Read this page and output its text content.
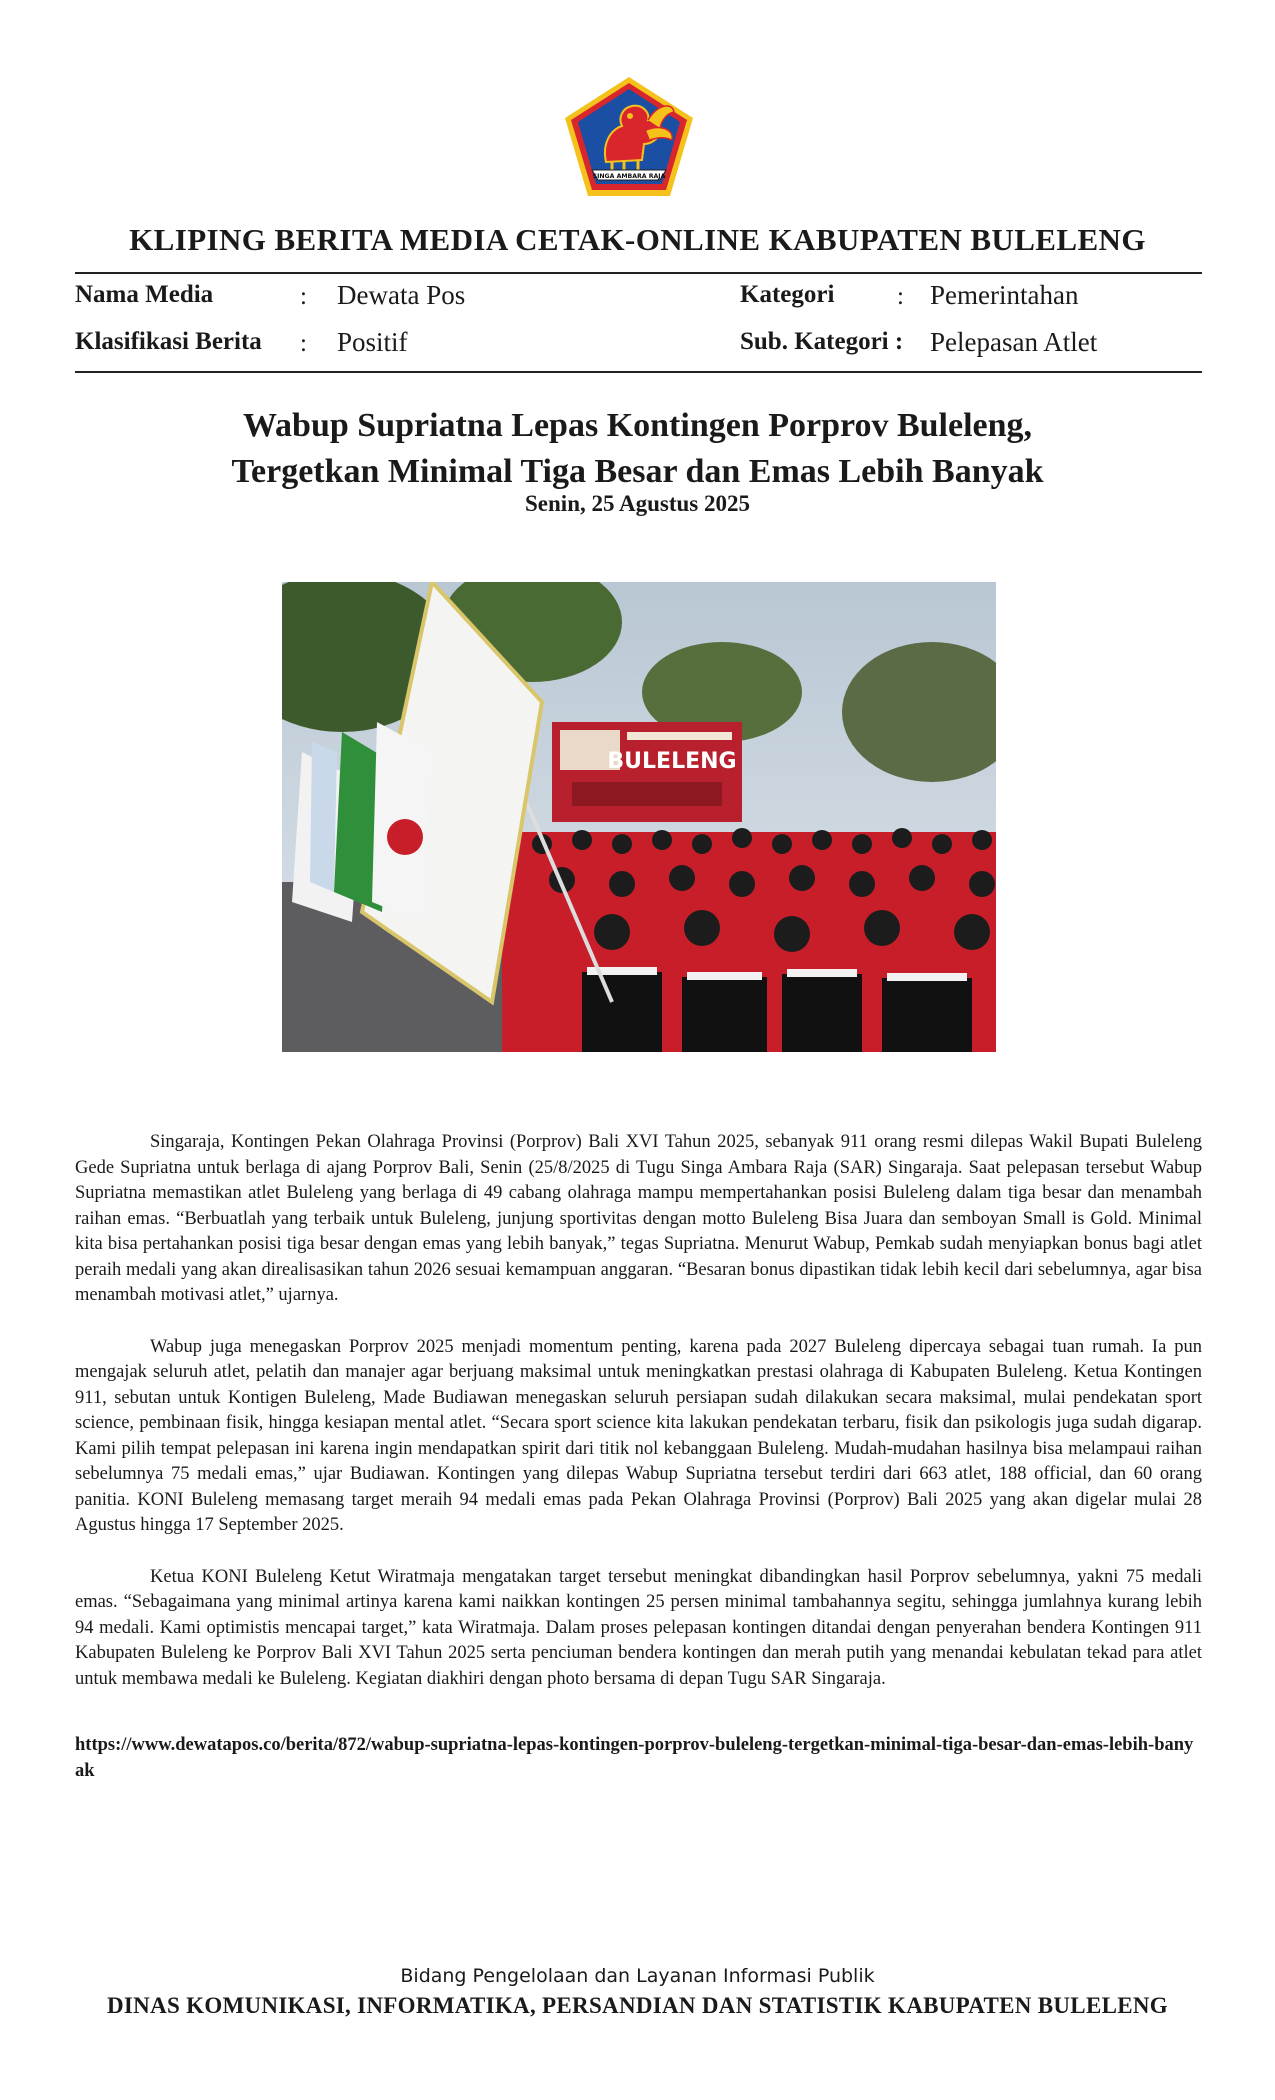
SINGA AMBARA RAJA
KLIPING BERITA MEDIA CETAK-ONLINE KABUPATEN BULELENG
Nama Media	: Dewata Pos	Kategori	: Pemerintahan
Klasifikasi Berita : Positif	Sub. Kategori : Pelepasan Atlet
Wabup Supriatna Lepas Kontingen Porprov Buleleng,
Tergetkan Minimal Tiga Besar dan Emas Lebih Banyak
Senin, 25 Agustus 2025
BULELENG

Singaraja, Kontingen Pekan Olahraga Provinsi (Porprov) Bali XVI Tahun 2025, sebanyak 911 orang resmi dilepas Wakil Bupati Buleleng Gede Supriatna untuk berlaga di ajang Porprov Bali, Senin (25/8/2025 di Tugu Singa Ambara Raja (SAR) Singaraja. Saat pelepasan tersebut Wabup Supriatna memastikan atlet Buleleng yang berlaga di 49 cabang olahraga mampu mempertahankan posisi Buleleng dalam tiga besar dan menambah raihan emas. “Berbuatlah yang terbaik untuk Buleleng, junjung sportivitas dengan motto Buleleng Bisa Juara dan semboyan Small is Gold. Minimal kita bisa pertahankan posisi tiga besar dengan emas yang lebih banyak,” tegas Supriatna. Menurut Wabup, Pemkab sudah menyiapkan bonus bagi atlet peraih medali yang akan direalisasikan tahun 2026 sesuai kemampuan anggaran. “Besaran bonus dipastikan tidak lebih kecil dari sebelumnya, agar bisa menambah motivasi atlet,” ujarnya.

Wabup juga menegaskan Porprov 2025 menjadi momentum penting, karena pada 2027 Buleleng dipercaya sebagai tuan rumah. Ia pun mengajak seluruh atlet, pelatih dan manajer agar berjuang maksimal untuk meningkatkan prestasi olahraga di Kabupaten Buleleng. Ketua Kontingen 911, sebutan untuk Kontigen Buleleng, Made Budiawan menegaskan seluruh persiapan sudah dilakukan secara maksimal, mulai pendekatan sport science, pembinaan fisik, hingga kesiapan mental atlet. “Secara sport science kita lakukan pendekatan terbaru, fisik dan psikologis juga sudah digarap. Kami pilih tempat pelepasan ini karena ingin mendapatkan spirit dari titik nol kebanggaan Buleleng. Mudah-mudahan hasilnya bisa melampaui raihan sebelumnya 75 medali emas,” ujar Budiawan. Kontingen yang dilepas Wabup Supriatna tersebut terdiri dari 663 atlet, 188 official, dan 60 orang panitia. KONI Buleleng memasang target meraih 94 medali emas pada Pekan Olahraga Provinsi (Porprov) Bali 2025 yang akan digelar mulai 28 Agustus hingga 17 September 2025.

Ketua KONI Buleleng Ketut Wiratmaja mengatakan target tersebut meningkat dibandingkan hasil Porprov sebelumnya, yakni 75 medali emas. “Sebagaimana yang minimal artinya karena kami naikkan kontingen 25 persen minimal tambahannya segitu, sehingga jumlahnya kurang lebih 94 medali. Kami optimistis mencapai target,” kata Wiratmaja. Dalam proses pelepasan kontingen ditandai dengan penyerahan bendera Kontingen 911 Kabupaten Buleleng ke Porprov Bali XVI Tahun 2025 serta penciuman bendera kontingen dan merah putih yang menandai kebulatan tekad para atlet untuk membawa medali ke Buleleng. Kegiatan diakhiri dengan photo bersama di depan Tugu SAR Singaraja.

https://www.dewatapos.co/berita/872/wabup-supriatna-lepas-kontingen-porprov-buleleng-tergetkan-minimal-tiga-besar-dan-emas-lebih-banyak
Bidang Pengelolaan dan Layanan Informasi Publik
DINAS KOMUNIKASI, INFORMATIKA, PERSANDIAN DAN STATISTIK KABUPATEN BULELENG
